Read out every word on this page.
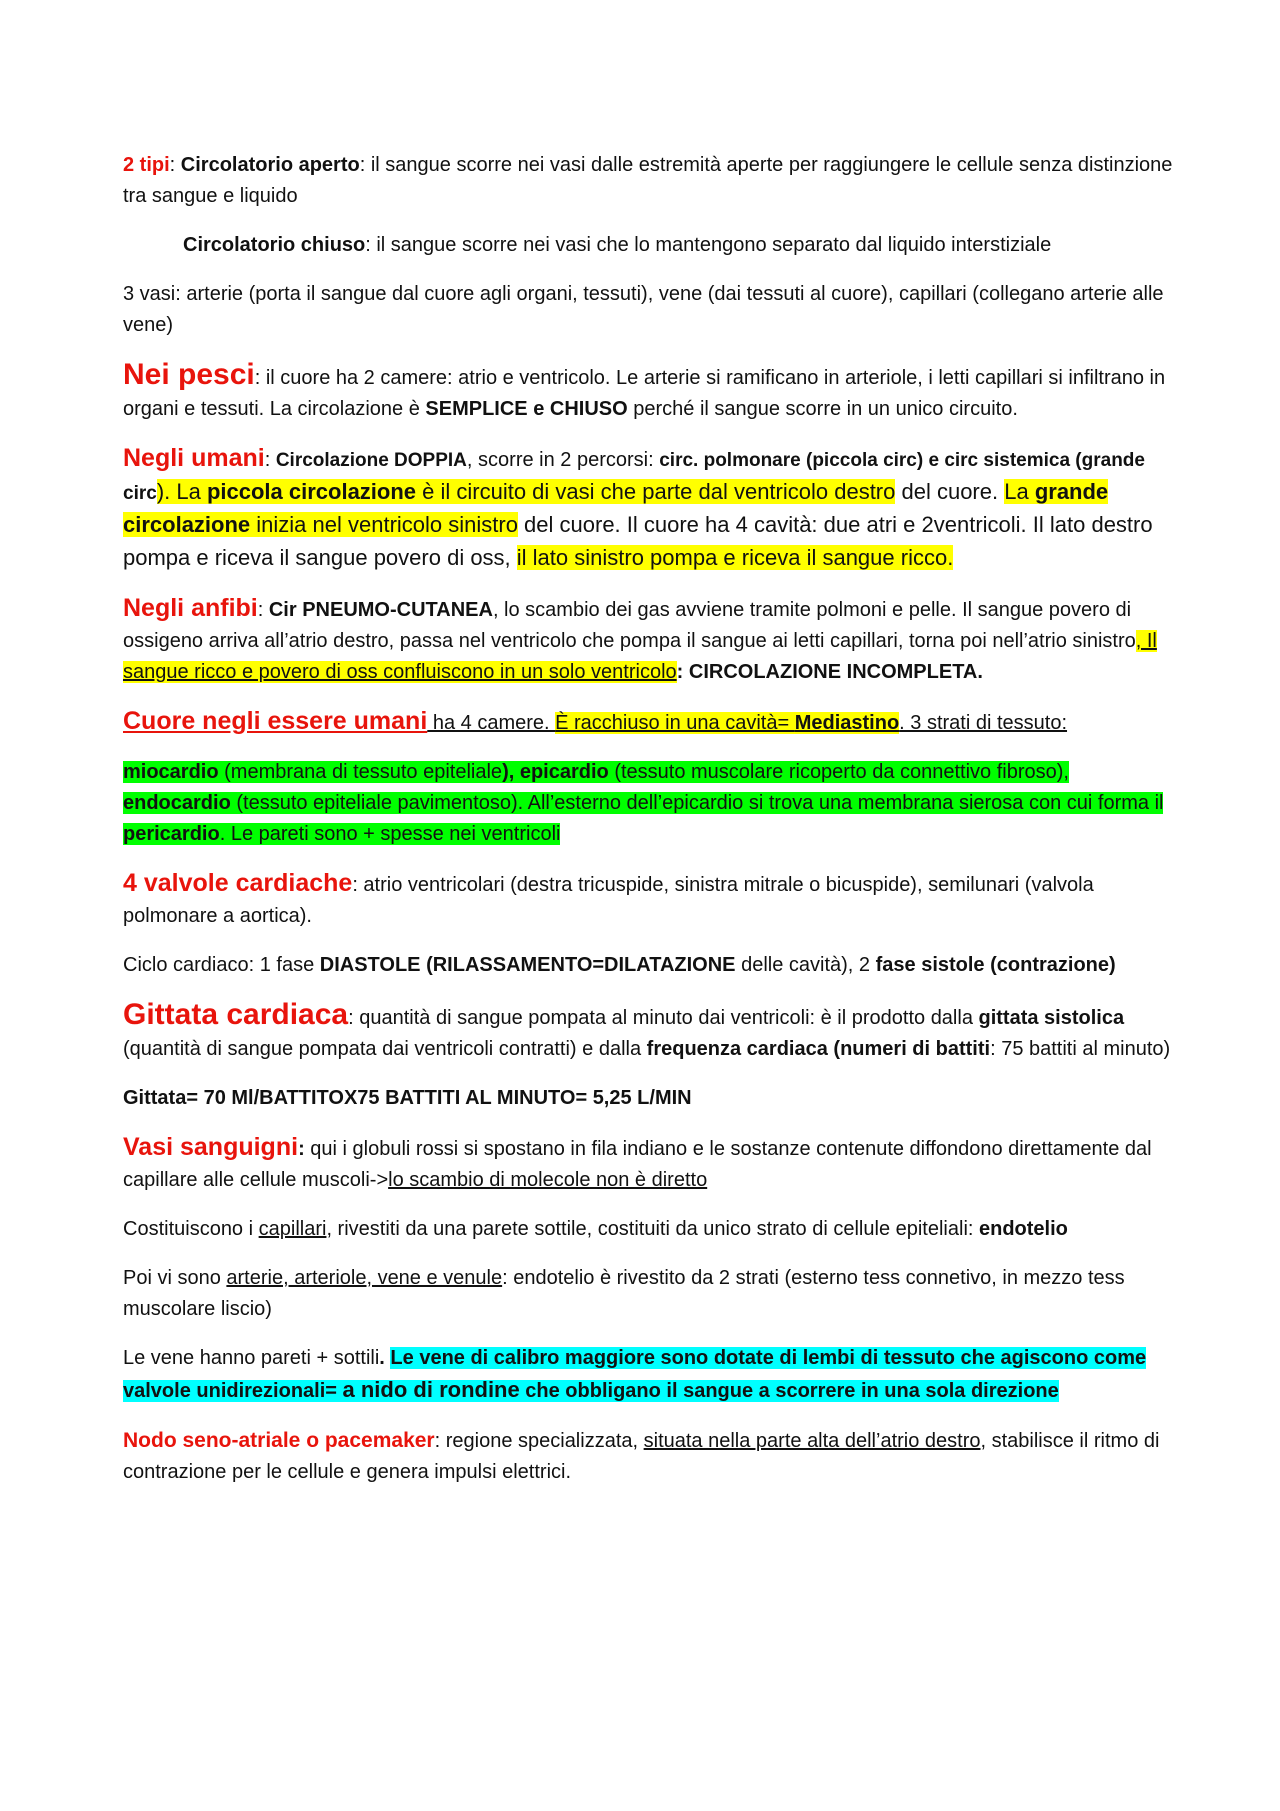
2 tipi: Circolatorio aperto: il sangue scorre nei vasi dalle estremità aperte per raggiungere le cellule senza distinzione tra sangue e liquido

Circolatorio chiuso: il sangue scorre nei vasi che lo mantengono separato dal liquido interstiziale

3 vasi: arterie (porta il sangue dal cuore agli organi, tessuti), vene (dai tessuti al cuore), capillari (collegano arterie alle vene)

Nei pesci: il cuore ha 2 camere: atrio e ventricolo. Le arterie si ramificano in arteriole, i letti capillari si infiltrano in organi e tessuti. La circolazione è SEMPLICE e CHIUSO perché il sangue scorre in un unico circuito.

Negli umani: Circolazione DOPPIA, scorre in 2 percorsi: circ. polmonare (piccola circ) e circ sistemica (grande circ). La piccola circolazione è il circuito di vasi che parte dal ventricolo destro del cuore. La grande circolazione inizia nel ventricolo sinistro del cuore. Il cuore ha 4 cavità: due atri e 2ventricoli. Il lato destro pompa e riceva il sangue povero di oss, il lato sinistro pompa e riceva il sangue ricco.

Negli anfibi: Cir PNEUMO-CUTANEA, lo scambio dei gas avviene tramite polmoni e pelle. Il sangue povero di ossigeno arriva all’atrio destro, passa nel ventricolo che pompa il sangue ai letti capillari, torna poi nell’atrio sinistro, Il sangue ricco e povero di oss confluiscono in un solo ventricolo: CIRCOLAZIONE INCOMPLETA.

Cuore negli essere umani ha 4 camere. È racchiuso in una cavità= Mediastino. 3 strati di tessuto:

miocardio (membrana di tessuto epiteliale), epicardio (tessuto muscolare ricoperto da connettivo fibroso), endocardio (tessuto epiteliale pavimentoso). All’esterno dell’epicardio si trova una membrana sierosa con cui forma il pericardio. Le pareti sono + spesse nei ventricoli

4 valvole cardiache: atrio ventricolari (destra tricuspide, sinistra mitrale o bicuspide), semilunari (valvola polmonare a aortica).

Ciclo cardiaco: 1 fase DIASTOLE (RILASSAMENTO=DILATAZIONE delle cavità), 2 fase sistole (contrazione)

Gittata cardiaca: quantità di sangue pompata al minuto dai ventricoli: è il prodotto dalla gittata sistolica (quantità di sangue pompata dai ventricoli contratti) e dalla frequenza cardiaca (numeri di battiti: 75 battiti al minuto)

Gittata= 70 Ml/BATTITOX75 BATTITI AL MINUTO= 5,25 L/MIN

Vasi sanguigni: qui i globuli rossi si spostano in fila indiano e le sostanze contenute diffondono direttamente dal capillare alle cellule muscoli->lo scambio di molecole non è diretto

Costituiscono i capillari, rivestiti da una parete sottile, costituiti da unico strato di cellule epiteliali: endotelio

Poi vi sono arterie, arteriole, vene e venule: endotelio è rivestito da 2 strati (esterno tess connetivo, in mezzo tess muscolare liscio)

Le vene hanno pareti + sottili. Le vene di calibro maggiore sono dotate di lembi di tessuto che agiscono come valvole unidirezionali= a nido di rondine che obbligano il sangue a scorrere in una sola direzione

Nodo seno-atriale o pacemaker: regione specializzata, situata nella parte alta dell’atrio destro, stabilisce il ritmo di contrazione per le cellule e genera impulsi elettrici.
